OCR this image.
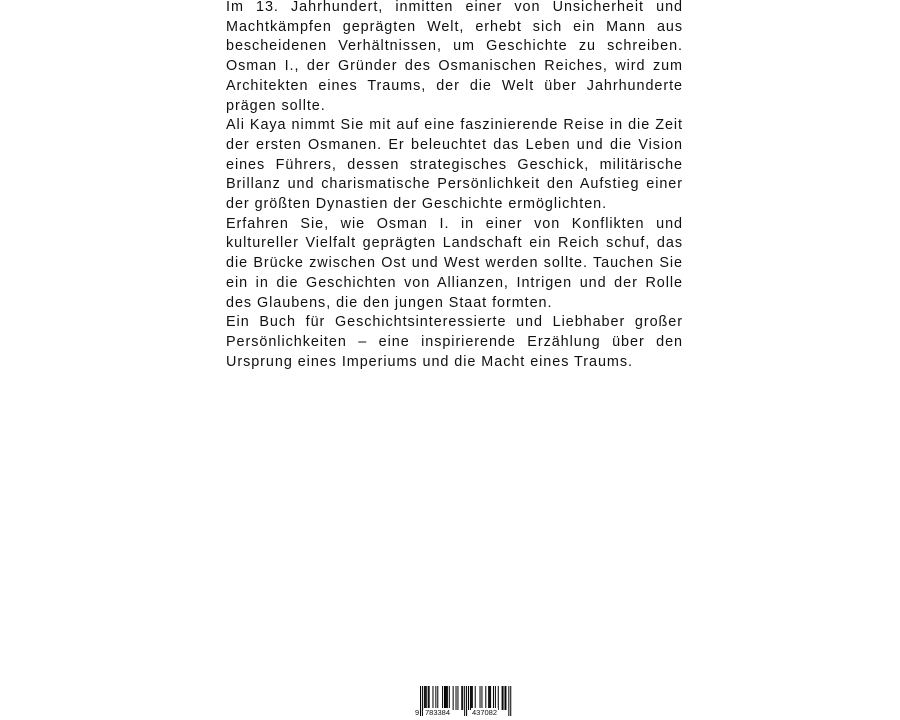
Im 13. Jahrhundert, inmitten einer von Unsicherheit und Machtkämpfen geprägten Welt, erhebt sich ein Mann aus bescheidenen Verhältnissen, um Geschichte zu schreiben. Osman I., der Gründer des Osmanischen Reiches, wird zum Architekten eines Traums, der die Welt über Jahrhunderte prägen sollte.

Ali Kaya nimmt Sie mit auf eine faszinierende Reise in die Zeit der ersten Osmanen. Er beleuchtet das Leben und die Vision eines Führers, dessen strategisches Geschick, militärische Brillanz und charismatische Persönlichkeit den Aufstieg einer der größten Dynastien der Geschichte ermöglichten.

Erfahren Sie, wie Osman I. in einer von Konflikten und kultureller Vielfalt geprägten Landschaft ein Reich schuf, das die Brücke zwischen Ost und West werden sollte. Tauchen Sie ein in die Geschichten von Allianzen, Intrigen und der Rolle des Glaubens, die den jungen Staat formten.

Ein Buch für Geschichtsinteressierte und Liebhaber großer Persönlichkeiten – eine inspirierende Erzählung über den Ursprung eines Imperiums und die Macht eines Traums.

9 783384	437082
